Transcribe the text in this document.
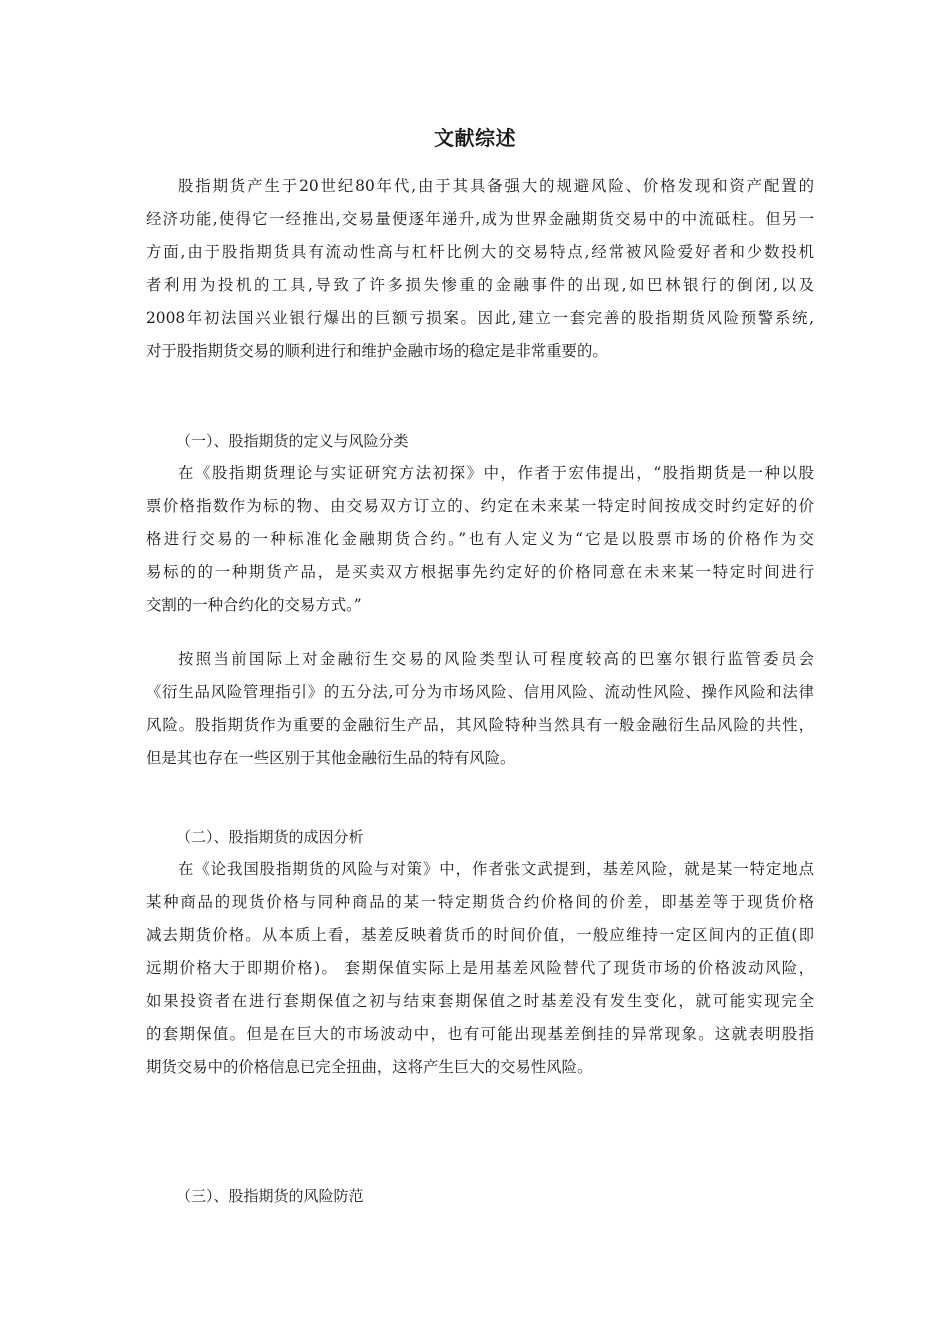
文献综述
股指期货产生于20世纪80年代,由于其具备强大的规避风险、价格发现和资产配置的
经济功能,使得它一经推出,交易量便逐年递升,成为世界金融期货交易中的中流砥柱。但另一
方面,由于股指期货具有流动性高与杠杆比例大的交易特点,经常被风险爱好者和少数投机
者利用为投机的工具,导致了许多损失惨重的金融事件的出现,如巴林银行的倒闭,以及
2008年初法国兴业银行爆出的巨额亏损案。因此,建立一套完善的股指期货风险预警系统,
对于股指期货交易的顺利进行和维护金融市场的稳定是非常重要的。
（一）、股指期货的定义与风险分类
在《股指期货理论与实证研究方法初探》中，作者于宏伟提出，“股指期货是一种以股
票价格指数作为标的物、由交易双方订立的、约定在未来某一特定时间按成交时约定好的价
格进行交易的一种标准化金融期货合约。”也有人定义为“它是以股票市场的价格作为交
易标的的一种期货产品，是买卖双方根据事先约定好的价格同意在未来某一特定时间进行
交割的一种合约化的交易方式。”
按照当前国际上对金融衍生交易的风险类型认可程度较高的巴塞尔银行监管委员会
《衍生品风险管理指引》的五分法,可分为市场风险、信用风险、流动性风险、操作风险和法律
风险。股指期货作为重要的金融衍生产品，其风险特种当然具有一般金融衍生品风险的共性，
但是其也存在一些区别于其他金融衍生品的特有风险。
（二）、股指期货的成因分析
在《论我国股指期货的风险与对策》中，作者张文武提到，基差风险，就是某一特定地点
某种商品的现货价格与同种商品的某一特定期货合约价格间的价差，即基差等于现货价格
减去期货价格。从本质上看，基差反映着货币的时间价值，一般应维持一定区间内的正值(即
远期价格大于即期价格)。 套期保值实际上是用基差风险替代了现货市场的价格波动风险，
如果投资者在进行套期保值之初与结束套期保值之时基差没有发生变化，就可能实现完全
的套期保值。但是在巨大的市场波动中，也有可能出现基差倒挂的异常现象。这就表明股指
期货交易中的价格信息已完全扭曲，这将产生巨大的交易性风险。
（三）、股指期货的风险防范
